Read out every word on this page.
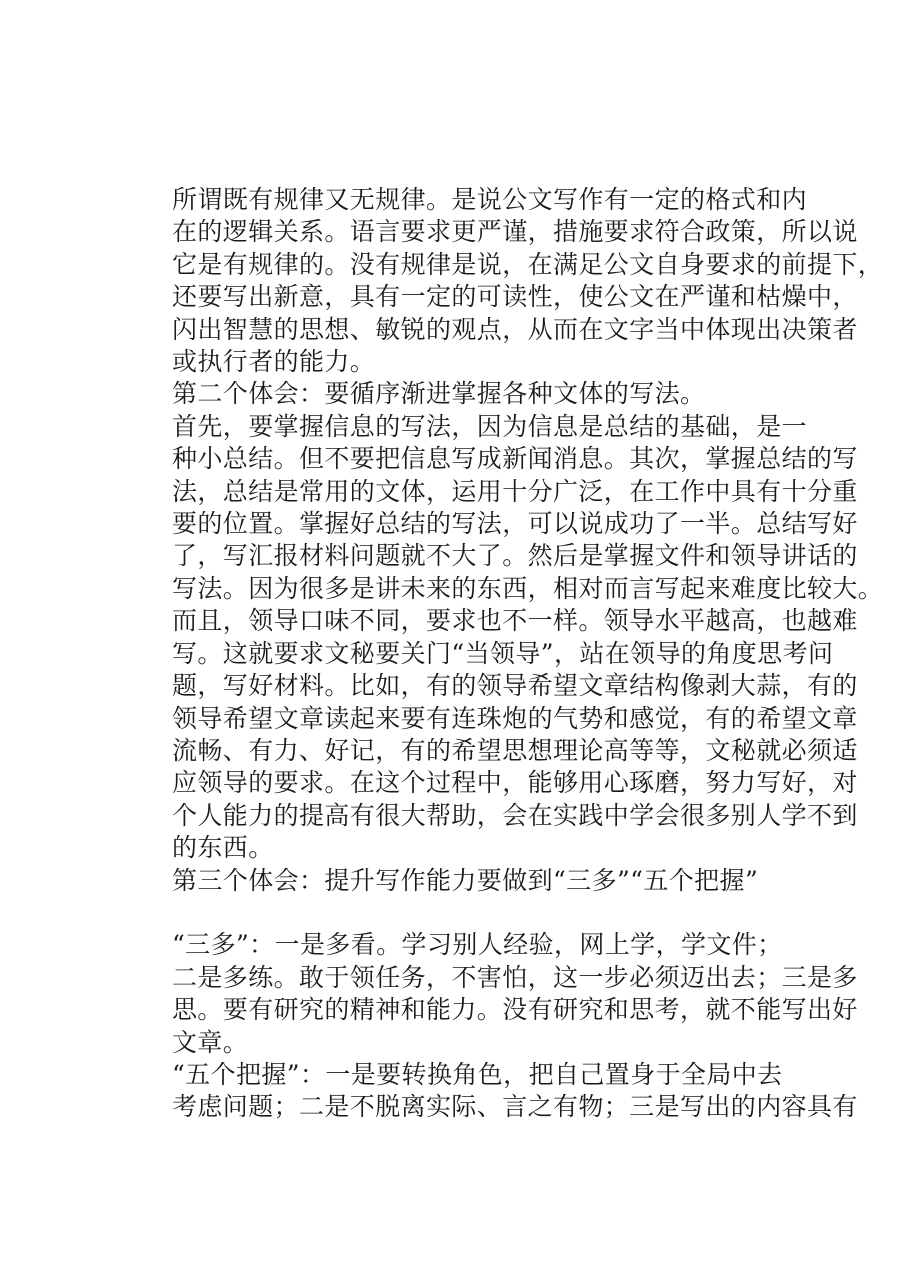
所谓既有规律又无规律。是说公文写作有一定的格式和内
在的逻辑关系。语言要求更严谨，措施要求符合政策，所以说
它是有规律的。没有规律是说，在满足公文自身要求的前提下，
还要写出新意，具有一定的可读性，使公文在严谨和枯燥中，
闪出智慧的思想、敏锐的观点，从而在文字当中体现出决策者
或执行者的能力。

第二个体会：要循序渐进掌握各种文体的写法。

首先，要掌握信息的写法，因为信息是总结的基础，是一
种小总结。但不要把信息写成新闻消息。其次，掌握总结的写
法，总结是常用的文体，运用十分广泛，在工作中具有十分重
要的位置。掌握好总结的写法，可以说成功了一半。总结写好
了，写汇报材料问题就不大了。然后是掌握文件和领导讲话的
写法。因为很多是讲未来的东西，相对而言写起来难度比较大。
而且，领导口味不同，要求也不一样。领导水平越高，也越难
写。这就要求文秘要关门“当领导”，站在领导的角度思考问
题，写好材料。比如，有的领导希望文章结构像剥大蒜，有的
领导希望文章读起来要有连珠炮的气势和感觉，有的希望文章
流畅、有力、好记，有的希望思想理论高等等，文秘就必须适
应领导的要求。在这个过程中，能够用心琢磨，努力写好，对
个人能力的提高有很大帮助，会在实践中学会很多别人学不到
的东西。

第三个体会：提升写作能力要做到“三多”“五个把握”

“三多”：一是多看。学习别人经验，网上学，学文件；
二是多练。敢于领任务，不害怕，这一步必须迈出去；三是多
思。要有研究的精神和能力。没有研究和思考，就不能写出好
文章。

“五个把握”：一是要转换角色，把自己置身于全局中去
考虑问题；二是不脱离实际、言之有物；三是写出的内容具有
